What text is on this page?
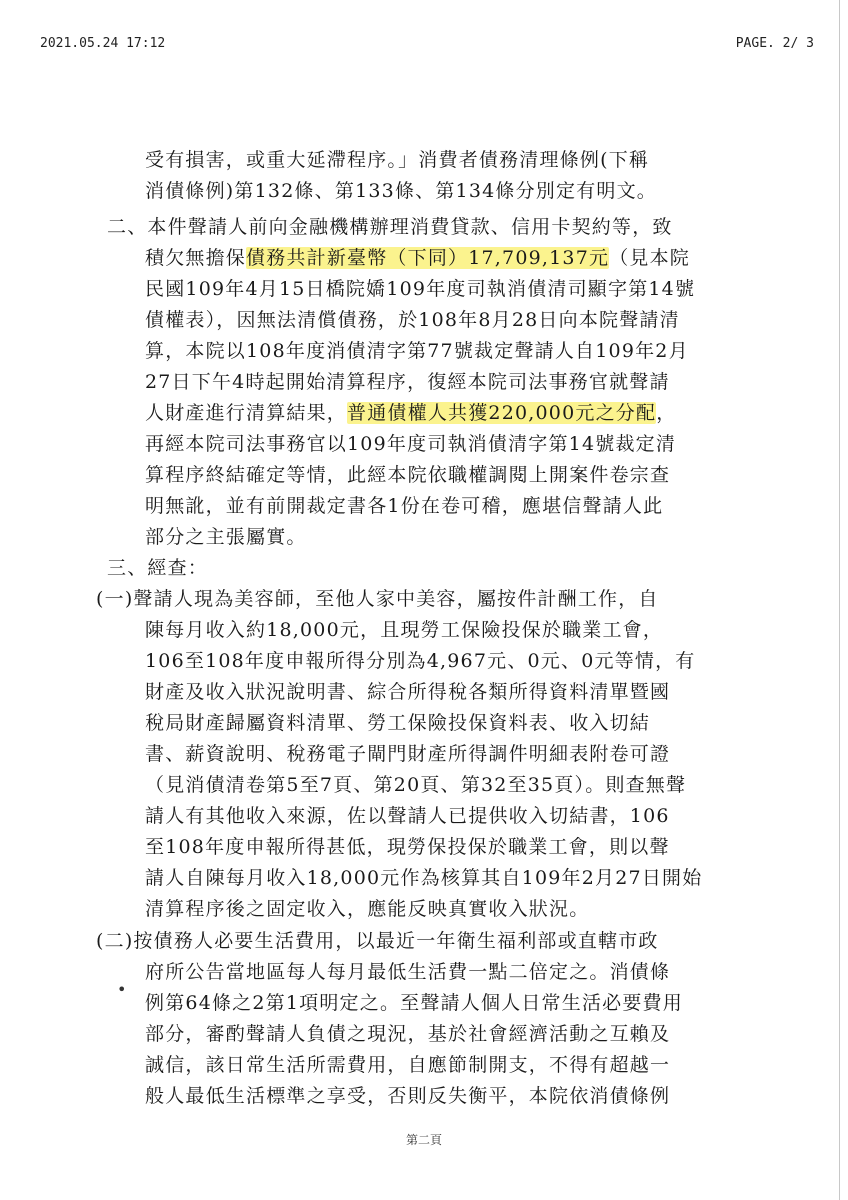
2021.05.24 17:12	PAGE. 2/ 3
受有損害，或重大延滯程序。」消費者債務清理條例(下稱
消債條例)第132條、第133條、第134條分別定有明文。
二、本件聲請人前向金融機構辦理消費貸款、信用卡契約等，致
積欠無擔保債務共計新臺幣（下同）17,709,137元（見本院
民國109年4月15日橋院嬌109年度司執消債清司顯字第14號
債權表），因無法清償債務，於108年8月28日向本院聲請清
算，本院以108年度消債清字第77號裁定聲請人自109年2月
27日下午4時起開始清算程序，復經本院司法事務官就聲請
人財產進行清算結果，普通債權人共獲220,000元之分配，
再經本院司法事務官以109年度司執消債清字第14號裁定清
算程序終結確定等情，此經本院依職權調閱上開案件卷宗查
明無訛，並有前開裁定書各1份在卷可稽，應堪信聲請人此
部分之主張屬實。
三、經查：
(一)聲請人現為美容師，至他人家中美容，屬按件計酬工作，自
陳每月收入約18,000元，且現勞工保險投保於職業工會，
106至108年度申報所得分別為4,967元、0元、0元等情，有
財產及收入狀況說明書、綜合所得稅各類所得資料清單暨國
稅局財產歸屬資料清單、勞工保險投保資料表、收入切結
書、薪資說明、稅務電子閘門財產所得調件明細表附卷可證
（見消債清卷第5至7頁、第20頁、第32至35頁）。則查無聲
請人有其他收入來源，佐以聲請人已提供收入切結書，106
至108年度申報所得甚低，現勞保投保於職業工會，則以聲
請人自陳每月收入18,000元作為核算其自109年2月27日開始
清算程序後之固定收入，應能反映真實收入狀況。
(二)按債務人必要生活費用，以最近一年衛生福利部或直轄市政
府所公告當地區每人每月最低生活費一點二倍定之。消債條
例第64條之2第1項明定之。至聲請人個人日常生活必要費用
部分，審酌聲請人負債之現況，基於社會經濟活動之互賴及
誠信，該日常生活所需費用，自應節制開支，不得有超越一
般人最低生活標準之享受，否則反失衡平，本院依消債條例
•
第二頁
